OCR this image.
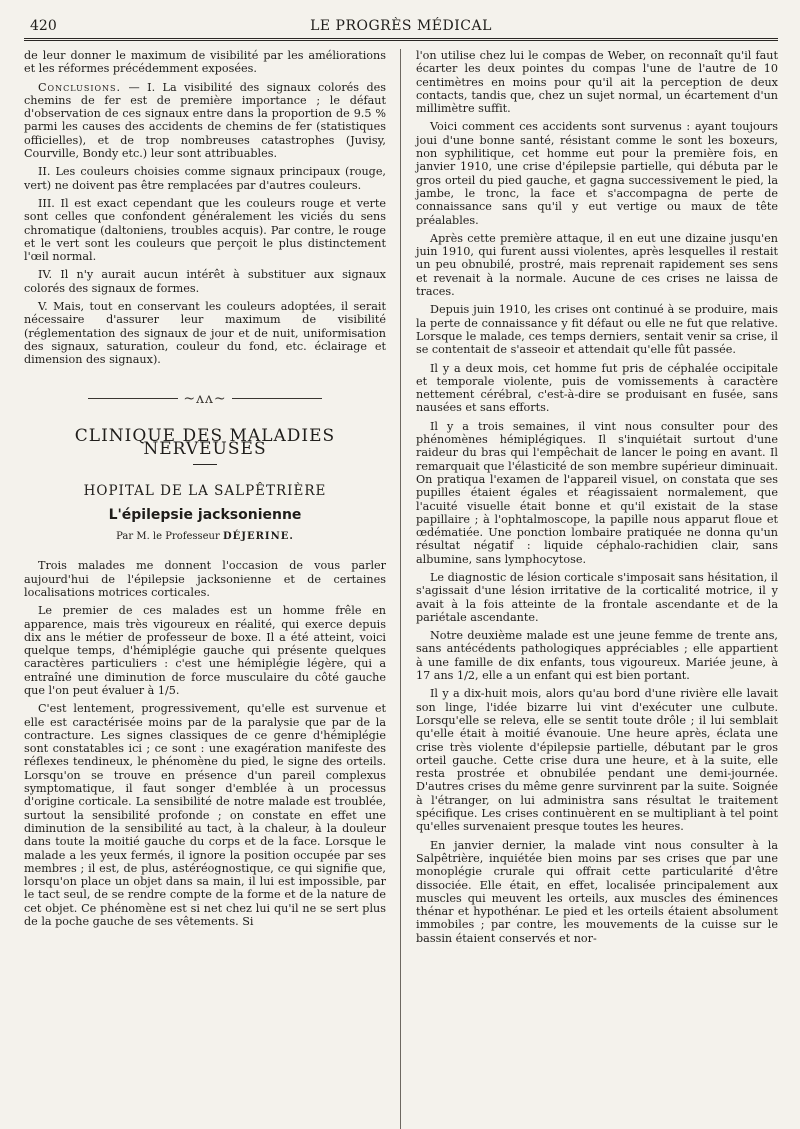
420	LE PROGRÈS MÉDICAL

de leur donner le maximum de visibilité par les améliorations et les réformes précédemment exposées.

Conclusions. — I. La visibilité des signaux colorés des chemins de fer est de première importance ; le défaut d'observation de ces signaux entre dans la proportion de 9.5 % parmi les causes des accidents de chemins de fer (statistiques officielles), et de trop nombreuses catastrophes (Juvisy, Courville, Bondy etc.) leur sont attribuables.

II. Les couleurs choisies comme signaux principaux (rouge, vert) ne doivent pas être remplacées par d'autres couleurs.

III. Il est exact cependant que les couleurs rouge et verte sont celles que confondent généralement les viciés du sens chromatique (daltoniens, troubles acquis). Par contre, le rouge et le vert sont les couleurs que perçoit le plus distinctement l'œil normal.

IV. Il n'y aurait aucun intérêt à substituer aux signaux colorés des signaux de formes.

V. Mais, tout en conservant les couleurs adoptées, il serait nécessaire d'assurer leur maximum de visibilité (réglementation des signaux de jour et de nuit, uniformisation des signaux, saturation, couleur du fond, etc. éclairage et dimension des signaux).

~ʌʌ~
CLINIQUE DES MALADIES NERVEUSES
HOPITAL DE LA SALPÊTRIÈRE
L'épilepsie jacksonienne
Par M. le Professeur DÉJERINE.

Trois malades me donnent l'occasion de vous parler aujourd'hui de l'épilepsie jacksonienne et de certaines localisations motrices corticales.

Le premier de ces malades est un homme frêle en apparence, mais très vigoureux en réalité, qui exerce depuis dix ans le métier de professeur de boxe. Il a été atteint, voici quelque temps, d'hémiplégie gauche qui présente quelques caractères particuliers : c'est une hémiplégie légère, qui a entraîné une diminution de force musculaire du côté gauche que l'on peut évaluer à 1/5.

C'est lentement, progressivement, qu'elle est survenue et elle est caractérisée moins par de la paralysie que par de la contracture. Les signes classiques de ce genre d'hémiplégie sont constatables ici ; ce sont : une exagération manifeste des réflexes tendineux, le phénomène du pied, le signe des orteils. Lorsqu'on se trouve en présence d'un pareil complexus symptomatique, il faut songer d'emblée à un processus d'origine corticale. La sensibilité de notre malade est troublée, surtout la sensibilité profonde ; on constate en effet une diminution de la sensibilité au tact, à la chaleur, à la douleur dans toute la moitié gauche du corps et de la face. Lorsque le malade a les yeux fermés, il ignore la position occupée par ses membres ; il est, de plus, astéréognostique, ce qui signifie que, lorsqu'on place un objet dans sa main, il lui est impossible, par le tact seul, de se rendre compte de la forme et de la nature de cet objet. Ce phénomène est si net chez lui qu'il ne se sert plus de la poche gauche de ses vêtements. Si

l'on utilise chez lui le compas de Weber, on reconnaît qu'il faut écarter les deux pointes du compas l'une de l'autre de 10 centimètres en moins pour qu'il ait la perception de deux contacts, tandis que, chez un sujet normal, un écartement d'un millimètre suffit.

Voici comment ces accidents sont survenus : ayant toujours joui d'une bonne santé, résistant comme le sont les boxeurs, non syphilitique, cet homme eut pour la première fois, en janvier 1910, une crise d'épilepsie partielle, qui débuta par le gros orteil du pied gauche, et gagna successivement le pied, la jambe, le tronc, la face et s'accompagna de perte de connaissance sans qu'il y eut vertige ou maux de tête préalables.

Après cette première attaque, il en eut une dizaine jusqu'en juin 1910, qui furent aussi violentes, après lesquelles il restait un peu obnubilé, prostré, mais reprenait rapidement ses sens et revenait à la normale. Aucune de ces crises ne laissa de traces.

Depuis juin 1910, les crises ont continué à se produire, mais la perte de connaissance y fit défaut ou elle ne fut que relative. Lorsque le malade, ces temps derniers, sentait venir sa crise, il se contentait de s'asseoir et attendait qu'elle fût passée.

Il y a deux mois, cet homme fut pris de céphalée occipitale et temporale violente, puis de vomissements à caractère nettement cérébral, c'est-à-dire se produisant en fusée, sans nausées et sans efforts.

Il y a trois semaines, il vint nous consulter pour des phénomènes hémiplégiques. Il s'inquiétait surtout d'une raideur du bras qui l'empêchait de lancer le poing en avant. Il remarquait que l'élasticité de son membre supérieur diminuait. On pratiqua l'examen de l'appareil visuel, on constata que ses pupilles étaient égales et réagissaient normalement, que l'acuité visuelle était bonne et qu'il existait de la stase papillaire ; à l'ophtalmoscope, la papille nous apparut floue et œdématiée. Une ponction lombaire pratiquée ne donna qu'un résultat négatif : liquide céphalo-rachidien clair, sans albumine, sans lymphocytose.

Le diagnostic de lésion corticale s'imposait sans hésitation, il s'agissait d'une lésion irritative de la corticalité motrice, il y avait à la fois atteinte de la frontale ascendante et de la pariétale ascendante.

Notre deuxième malade est une jeune femme de trente ans, sans antécédents pathologiques appréciables ; elle appartient à une famille de dix enfants, tous vigoureux. Mariée jeune, à 17 ans 1/2, elle a un enfant qui est bien portant.

Il y a dix-huit mois, alors qu'au bord d'une rivière elle lavait son linge, l'idée bizarre lui vint d'exécuter une culbute. Lorsqu'elle se releva, elle se sentit toute drôle ; il lui semblait qu'elle était à moitié évanouie. Une heure après, éclata une crise très violente d'épilepsie partielle, débutant par le gros orteil gauche. Cette crise dura une heure, et à la suite, elle resta prostrée et obnubilée pendant une demi-journée. D'autres crises du même genre survinrent par la suite. Soignée à l'étranger, on lui administra sans résultat le traitement spécifique. Les crises continuèrent en se multipliant à tel point qu'elles survenaient presque toutes les heures.

En janvier dernier, la malade vint nous consulter à la Salpêtrière, inquiétée bien moins par ses crises que par une monoplégie crurale qui offrait cette particularité d'être dissociée. Elle était, en effet, localisée principalement aux muscles qui meuvent les orteils, aux muscles des éminences thénar et hypothénar. Le pied et les orteils étaient absolument immobiles ; par contre, les mouvements de la cuisse sur le bassin étaient conservés et nor-
